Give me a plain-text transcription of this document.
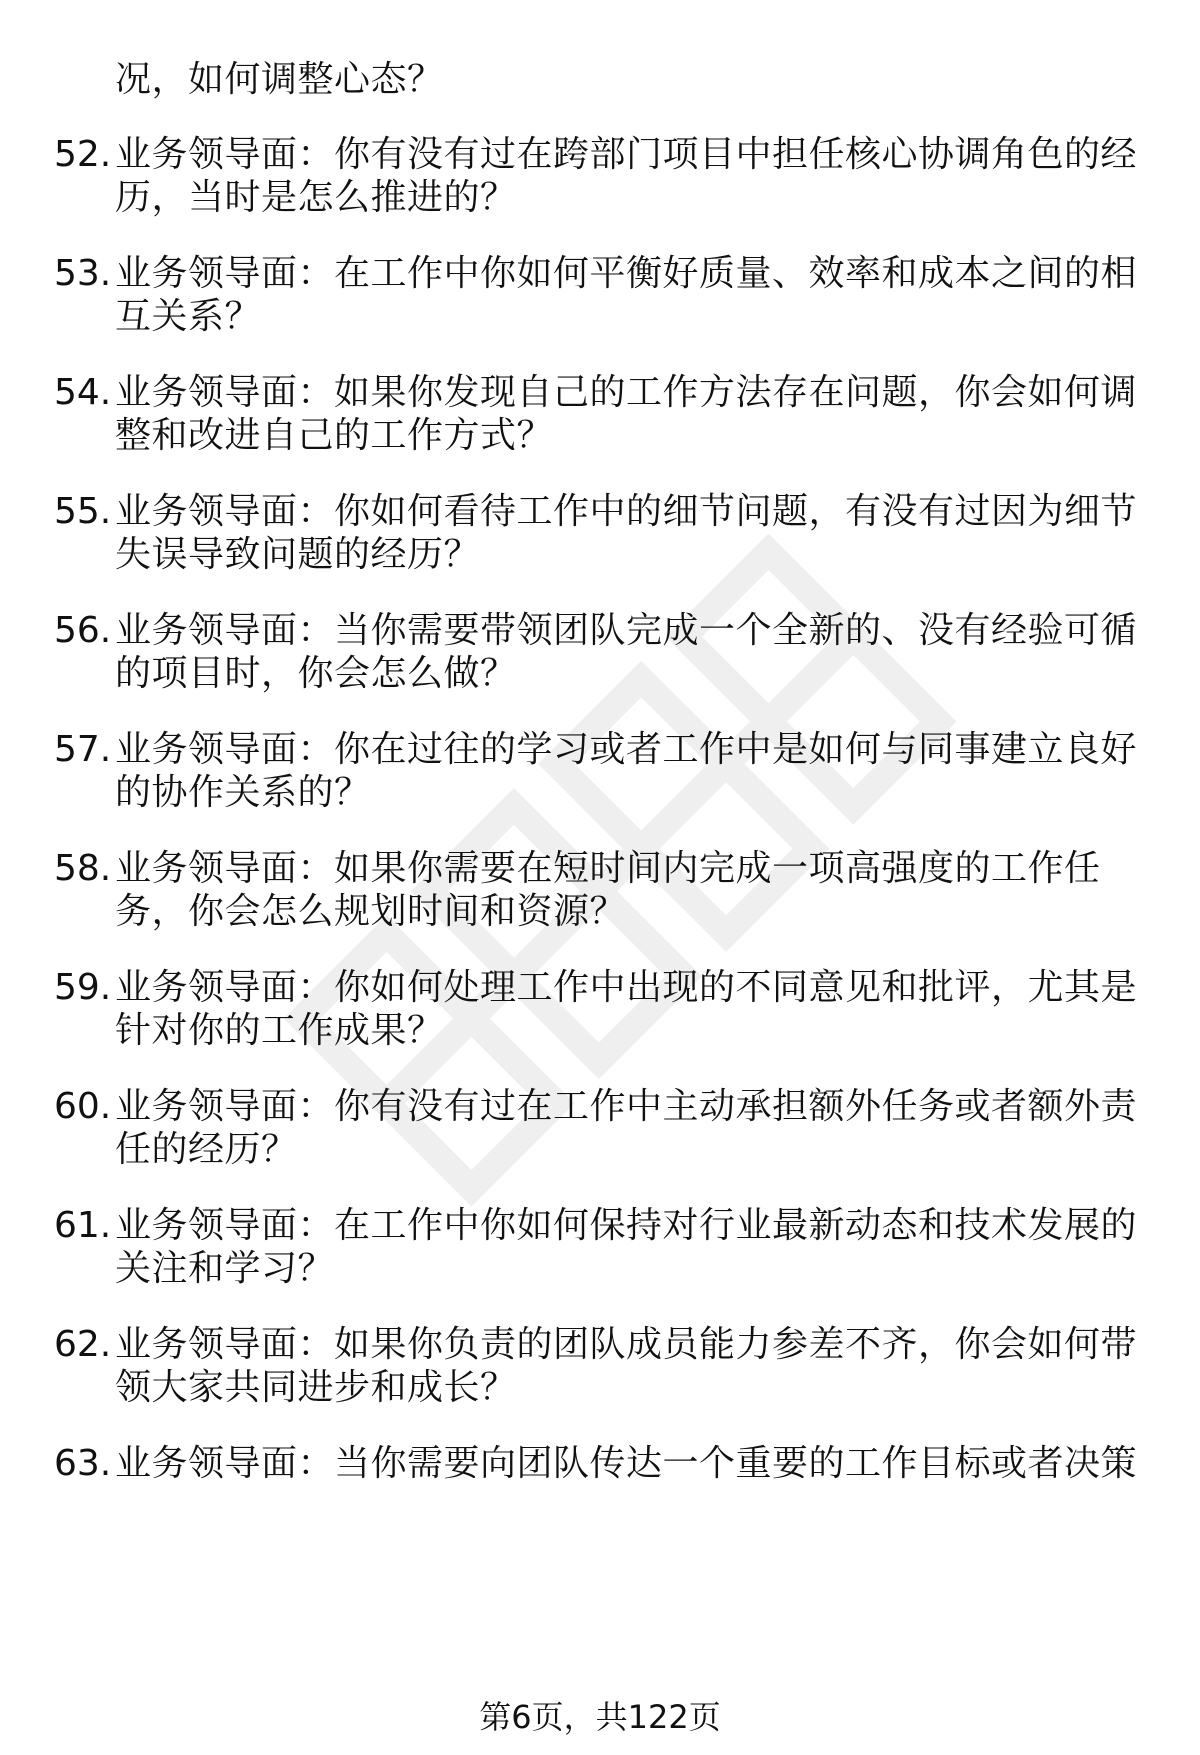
况，如何调整心态？
52. 业务领导面：你有没有过在跨部门项目中担任核心协调角色的经
历，当时是怎么推进的？
53. 业务领导面：在工作中你如何平衡好质量、效率和成本之间的相
互关系？
54. 业务领导面：如果你发现自己的工作方法存在问题，你会如何调
整和改进自己的工作方式？
55. 业务领导面：你如何看待工作中的细节问题，有没有过因为细节
失误导致问题的经历？
56. 业务领导面：当你需要带领团队完成一个全新的、没有经验可循
的项目时，你会怎么做？
57. 业务领导面：你在过往的学习或者工作中是如何与同事建立良好
的协作关系的？
58. 业务领导面：如果你需要在短时间内完成一项高强度的工作任
务，你会怎么规划时间和资源？
59. 业务领导面：你如何处理工作中出现的不同意见和批评，尤其是
针对你的工作成果？
60. 业务领导面：你有没有过在工作中主动承担额外任务或者额外责
任的经历？
61. 业务领导面：在工作中你如何保持对行业最新动态和技术发展的
关注和学习？
62. 业务领导面：如果你负责的团队成员能力参差不齐，你会如何带
领大家共同进步和成长？
63. 业务领导面：当你需要向团队传达一个重要的工作目标或者决策
第6页，共122页
